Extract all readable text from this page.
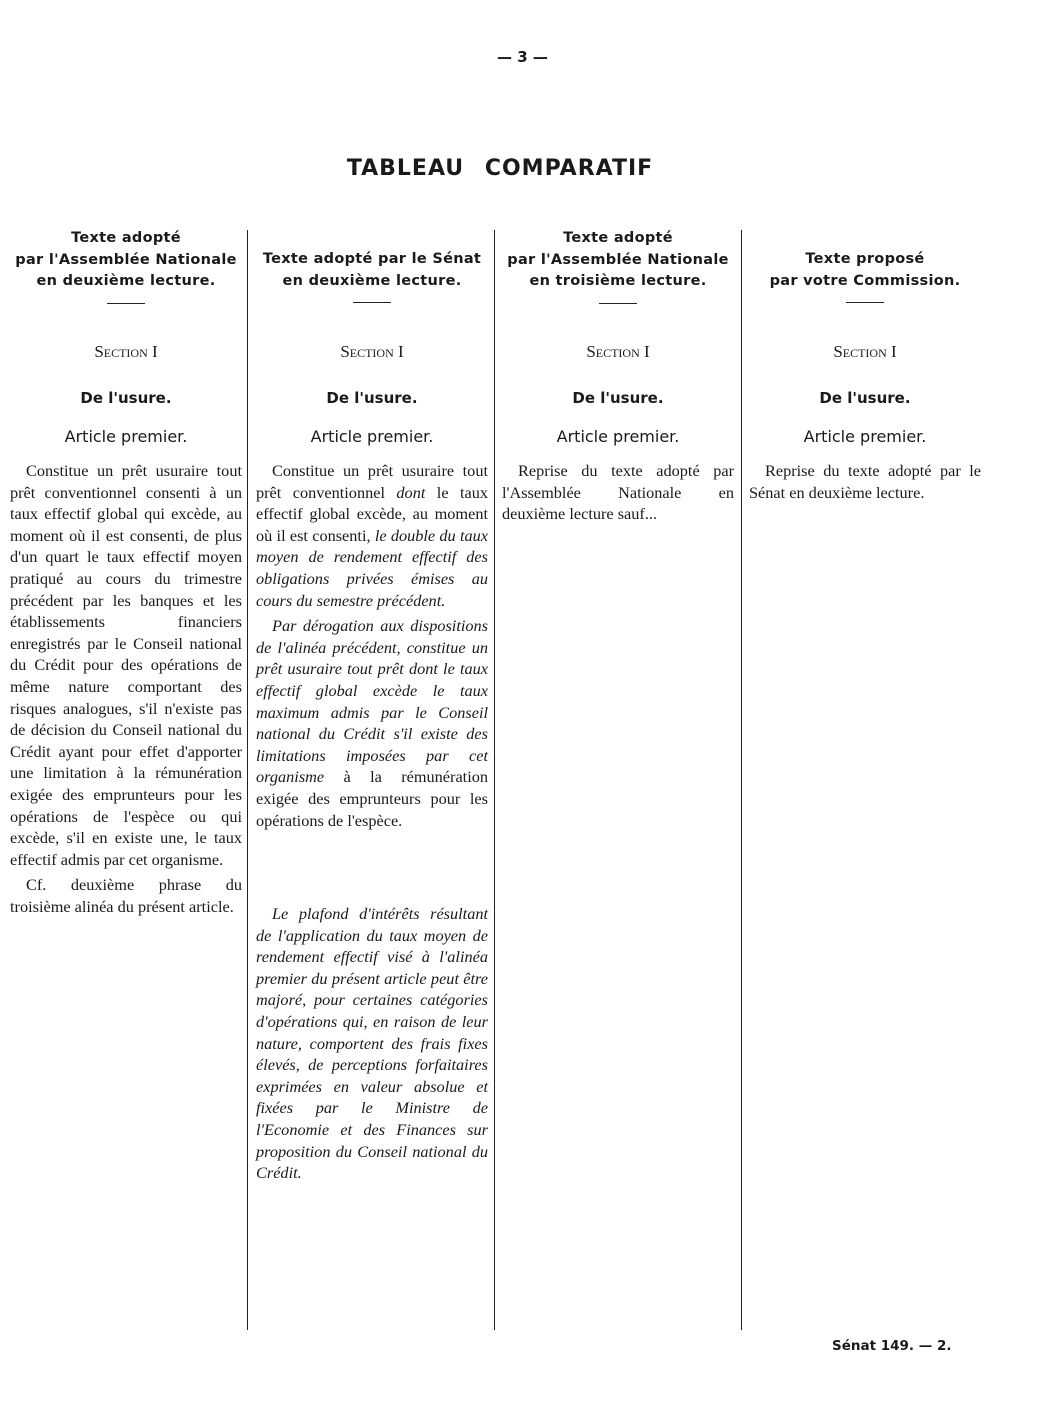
— 3 —
TABLEAU COMPARATIF
Texte adopté
par l'Assemblée Nationale
en deuxième lecture.
Section I
De l'usure.
Article premier.
Constitue un prêt usuraire tout prêt conventionnel consenti à un taux effectif global qui excède, au moment où il est consenti, de plus d'un quart le taux effectif moyen pratiqué au cours du trimestre précédent par les banques et les établissements financiers enregistrés par le Conseil national du Crédit pour des opérations de même nature comportant des risques analogues, s'il n'existe pas de décision du Conseil national du Crédit ayant pour effet d'apporter une limitation à la rémunération exigée des emprunteurs pour les opérations de l'espèce ou qui excède, s'il en existe une, le taux effectif admis par cet organisme.
Cf. deuxième phrase du troisième alinéa du présent article.
Texte adopté par le Sénat
en deuxième lecture.
Section I
De l'usure.
Article premier.
Constitue un prêt usuraire tout prêt conventionnel dont le taux effectif global excède, au moment où il est consenti, le double du taux moyen de rendement effectif des obligations privées émises au cours du semestre précédent.
Par dérogation aux dispositions de l'alinéa précédent, constitue un prêt usuraire tout prêt dont le taux effectif global excède le taux maximum admis par le Conseil national du Crédit s'il existe des limitations imposées par cet organisme à la rémunération exigée des emprunteurs pour les opérations de l'espèce.
Le plafond d'intérêts résultant de l'application du taux moyen de rendement effectif visé à l'alinéa premier du présent article peut être majoré, pour certaines catégories d'opérations qui, en raison de leur nature, comportent des frais fixes élevés, de perceptions forfaitaires exprimées en valeur absolue et fixées par le Ministre de l'Economie et des Finances sur proposition du Conseil national du Crédit.
Texte adopté
par l'Assemblée Nationale
en troisième lecture.
Section I
De l'usure.
Article premier.
Reprise du texte adopté par l'Assemblée Nationale en deuxième lecture sauf...
Texte proposé
par votre Commission.
Section I
De l'usure.
Article premier.
Reprise du texte adopté par le Sénat en deuxième lecture.
Sénat 149. — 2.
